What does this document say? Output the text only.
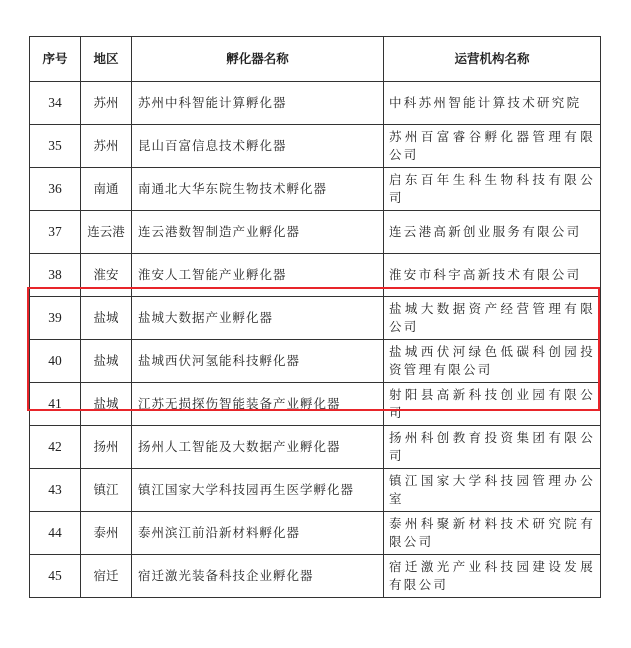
序号	地区	孵化器名称	运营机构名称
34	苏州	苏州中科智能计算孵化器	中科苏州智能计算技术研究院
35	苏州	昆山百富信息技术孵化器	苏州百富睿谷孵化器管理有限公司
36	南通	南通北大华东院生物技术孵化器	启东百年生科生物科技有限公司
37	连云港	连云港数智制造产业孵化器	连云港高新创业服务有限公司
38	淮安	淮安人工智能产业孵化器	淮安市科宇高新技术有限公司
39	盐城	盐城大数据产业孵化器	盐城大数据资产经营管理有限公司
40	盐城	盐城西伏河氢能科技孵化器	盐城西伏河绿色低碳科创园投资管理有限公司
41	盐城	江苏无损探伤智能装备产业孵化器	射阳县高新科技创业园有限公司
42	扬州	扬州人工智能及大数据产业孵化器	扬州科创教育投资集团有限公司
43	镇江	镇江国家大学科技园再生医学孵化器	镇江国家大学科技园管理办公室
44	泰州	泰州滨江前沿新材料孵化器	泰州科聚新材料技术研究院有限公司
45	宿迁	宿迁激光装备科技企业孵化器	宿迁激光产业科技园建设发展有限公司
